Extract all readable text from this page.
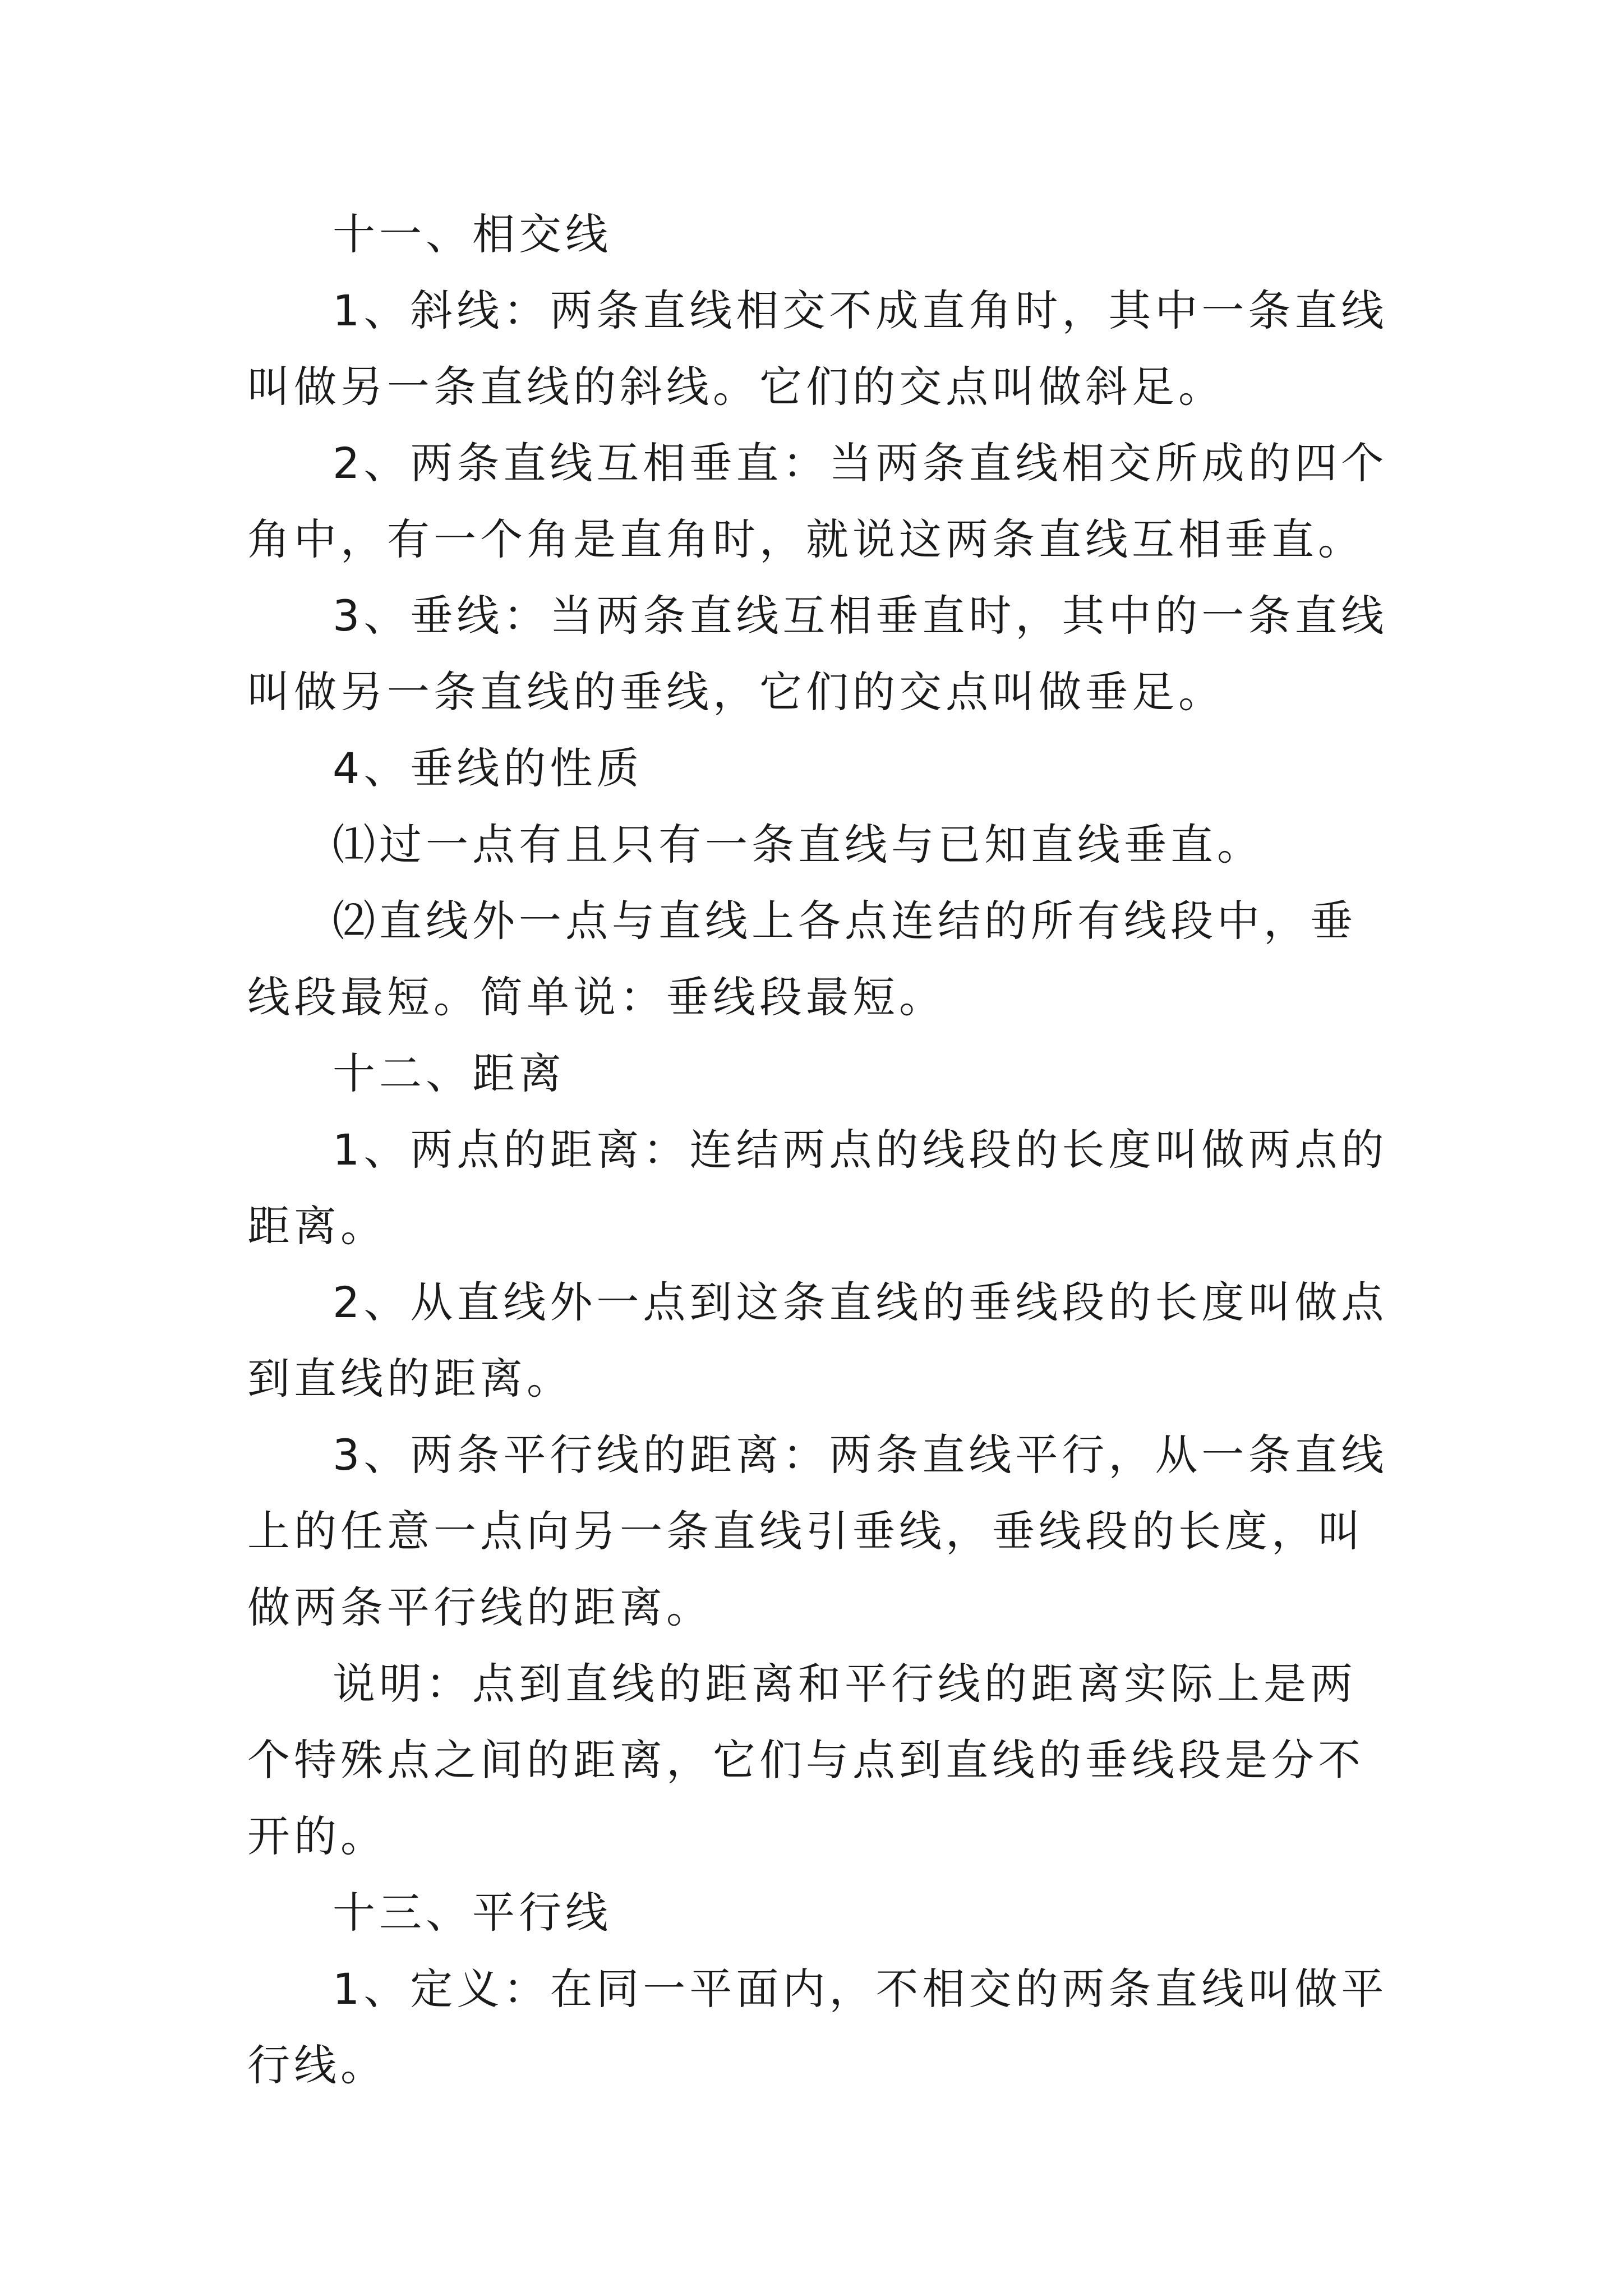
十一、相交线

1、斜线：两条直线相交不成直角时，其中一条直线叫做另一条直线的斜线。它们的交点叫做斜足。

2、两条直线互相垂直：当两条直线相交所成的四个角中，有一个角是直角时，就说这两条直线互相垂直。

3、垂线：当两条直线互相垂直时，其中的一条直线叫做另一条直线的垂线，它们的交点叫做垂足。

4、垂线的性质

⑴过一点有且只有一条直线与已知直线垂直。

⑵直线外一点与直线上各点连结的所有线段中，垂线段最短。简单说：垂线段最短。

十二、距离

1、两点的距离：连结两点的线段的长度叫做两点的距离。

2、从直线外一点到这条直线的垂线段的长度叫做点到直线的距离。

3、两条平行线的距离：两条直线平行，从一条直线上的任意一点向另一条直线引垂线，垂线段的长度，叫做两条平行线的距离。

说明：点到直线的距离和平行线的距离实际上是两个特殊点之间的距离，它们与点到直线的垂线段是分不开的。

十三、平行线

1、定义：在同一平面内，不相交的两条直线叫做平行线。
